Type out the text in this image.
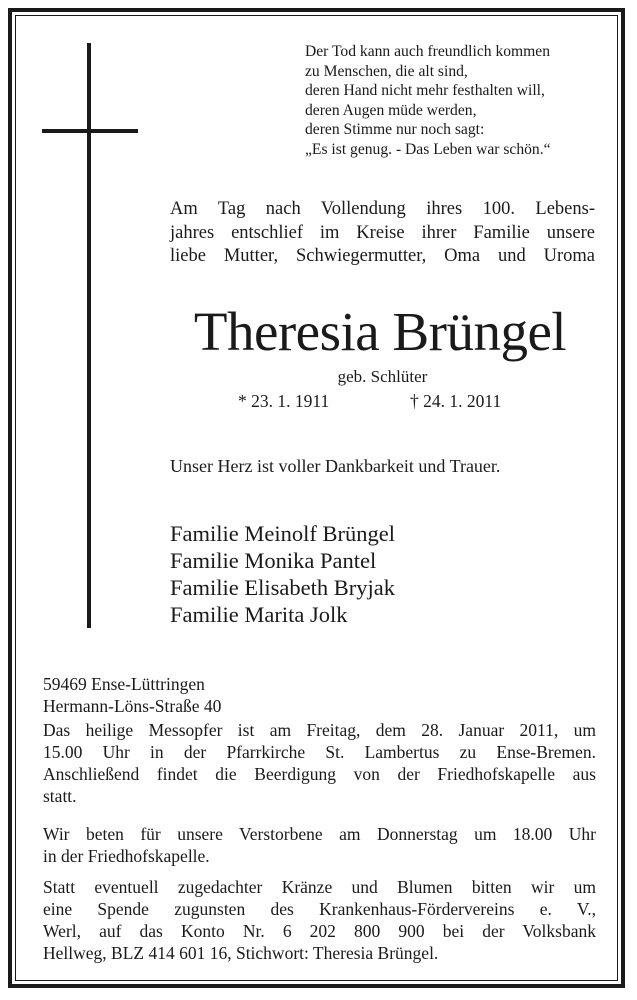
Der Tod kann auch freundlich kommen
zu Menschen, die alt sind,
deren Hand nicht mehr festhalten will,
deren Augen müde werden,
deren Stimme nur noch sagt:
„Es ist genug. - Das Leben war schön.“
Am Tag nach Vollendung ihres 100. Lebens-
jahres entschlief im Kreise ihrer Familie unsere
liebe Mutter, Schwiegermutter, Oma und Uroma
Theresia Brüngel
geb. Schlüter
* 23. 1. 1911	† 24. 1. 2011
Unser Herz ist voller Dankbarkeit und Trauer.
Familie Meinolf Brüngel
Familie Monika Pantel
Familie Elisabeth Bryjak
Familie Marita Jolk
59469 Ense-Lüttringen
Hermann-Löns-Straße 40
Das heilige Messopfer ist am Freitag, dem 28. Januar 2011, um
15.00 Uhr in der Pfarrkirche St. Lambertus zu Ense-Bremen.
Anschließend findet die Beerdigung von der Friedhofskapelle aus
statt.
Wir beten für unsere Verstorbene am Donnerstag um 18.00 Uhr
in der Friedhofskapelle.
Statt eventuell zugedachter Kränze und Blumen bitten wir um
eine Spende zugunsten des Krankenhaus-Fördervereins e. V.,
Werl, auf das Konto Nr. 6 202 800 900 bei der Volksbank
Hellweg, BLZ 414 601 16, Stichwort: Theresia Brüngel.
